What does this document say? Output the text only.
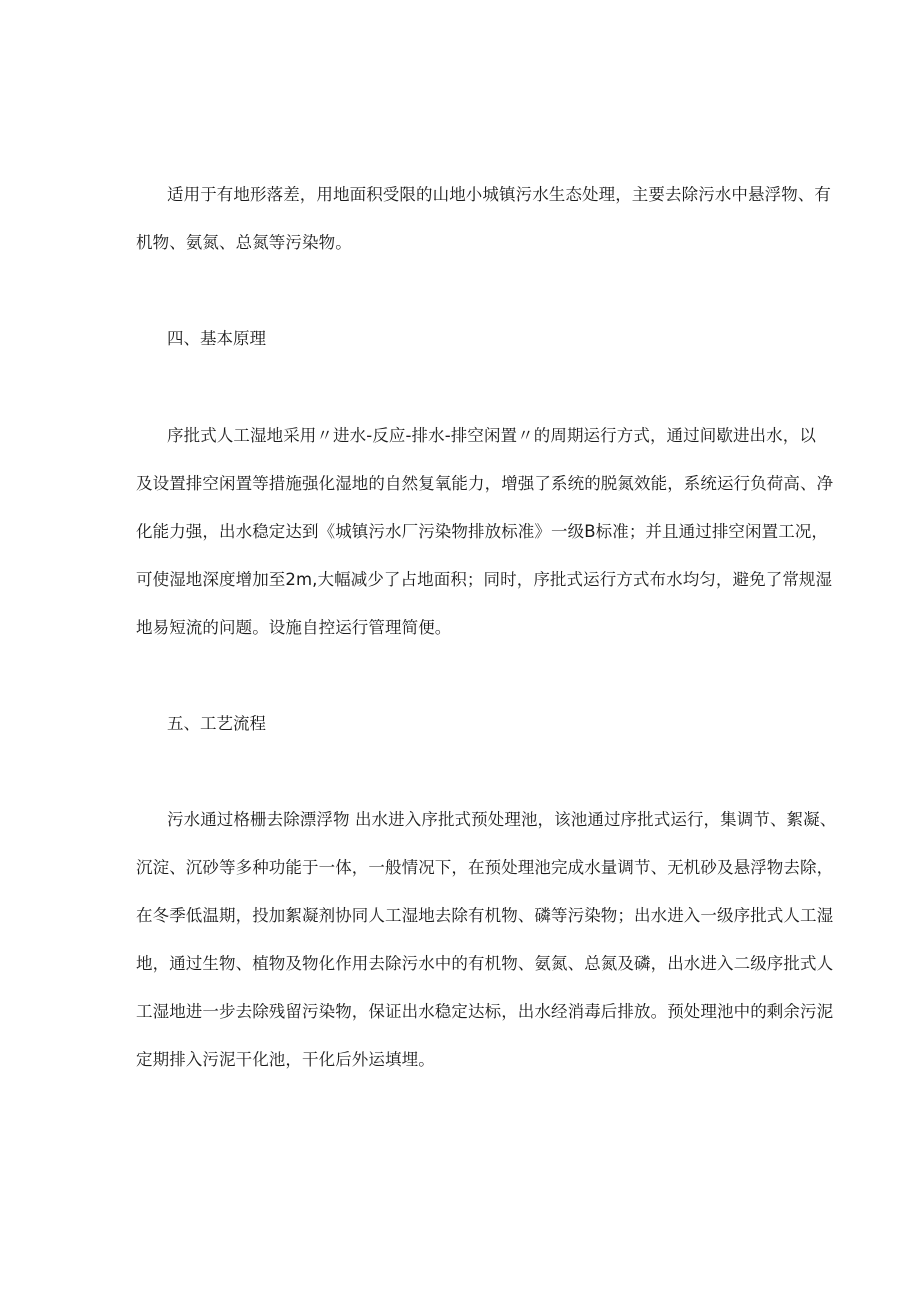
适用于有地形落差，用地面积受限的山地小城镇污水生态处理，主要去除污水中悬浮物、有
机物、氨氮、总氮等污染物。
四、基本原理
序批式人工湿地采用〃进水-反应-排水-排空闲置〃的周期运行方式，通过间歇进出水，以
及设置排空闲置等措施强化湿地的自然复氧能力，增强了系统的脱氮效能，系统运行负荷高、净
化能力强，出水稳定达到《城镇污水厂污染物排放标准》一级B标准；并且通过排空闲置工况，
可使湿地深度增加至2m,大幅减少了占地面积；同时，序批式运行方式布水均匀，避免了常规湿
地易短流的问题。设施自控运行管理简便。
五、工艺流程
污水通过格栅去除漂浮物 出水进入序批式预处理池，该池通过序批式运行，集调节、絮凝、
沉淀、沉砂等多种功能于一体，一般情况下，在预处理池完成水量调节、无机砂及悬浮物去除，
在冬季低温期，投加絮凝剂协同人工湿地去除有机物、磷等污染物；出水进入一级序批式人工湿
地，通过生物、植物及物化作用去除污水中的有机物、氨氮、总氮及磷，出水进入二级序批式人
工湿地进一步去除残留污染物，保证出水稳定达标，出水经消毒后排放。预处理池中的剩余污泥
定期排入污泥干化池，干化后外运填埋。
